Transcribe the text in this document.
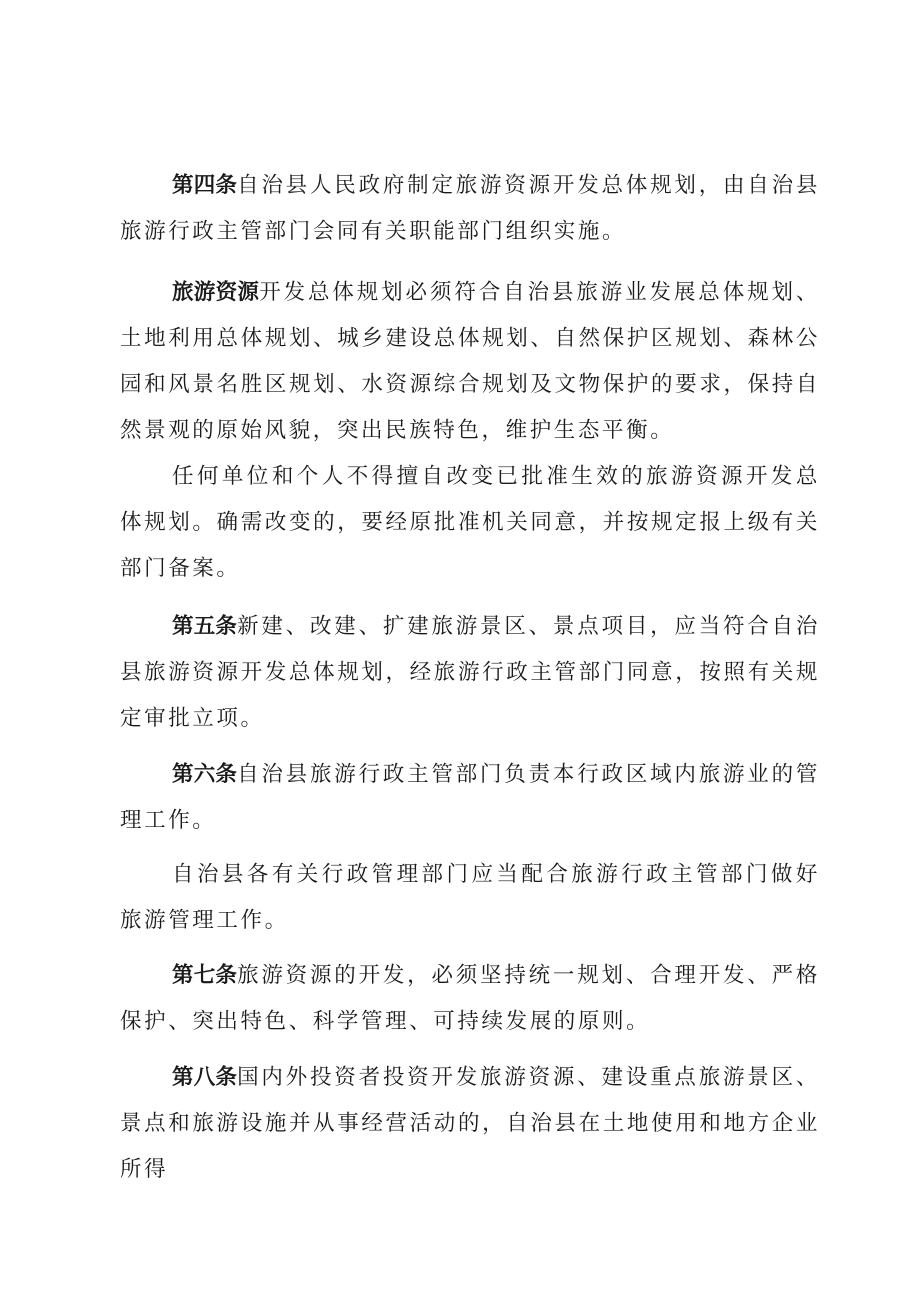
第四条自治县人民政府制定旅游资源开发总体规划，由自治县旅游行政主管部门会同有关职能部门组织实施。

旅游资源开发总体规划必须符合自治县旅游业发展总体规划、土地利用总体规划、城乡建设总体规划、自然保护区规划、森林公园和风景名胜区规划、水资源综合规划及文物保护的要求，保持自然景观的原始风貌，突出民族特色，维护生态平衡。

任何单位和个人不得擅自改变已批准生效的旅游资源开发总体规划。确需改变的，要经原批准机关同意，并按规定报上级有关部门备案。

第五条新建、改建、扩建旅游景区、景点项目，应当符合自治县旅游资源开发总体规划，经旅游行政主管部门同意，按照有关规定审批立项。

第六条自治县旅游行政主管部门负责本行政区域内旅游业的管理工作。

自治县各有关行政管理部门应当配合旅游行政主管部门做好旅游管理工作。

第七条旅游资源的开发，必须坚持统一规划、合理开发、严格保护、突出特色、科学管理、可持续发展的原则。

第八条国内外投资者投资开发旅游资源、建设重点旅游景区、景点和旅游设施并从事经营活动的，自治县在土地使用和地方企业所得
